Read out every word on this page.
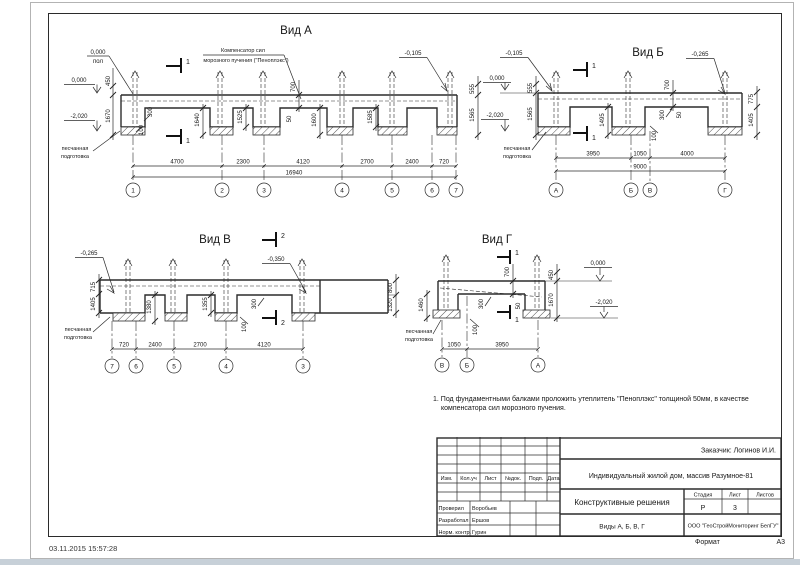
Вид А
1	2	3	4	5	6	7
4700	2300	4120	2700	2400	720
16940
0,000
пол
0,000
-2,020
450
1670	300
100
1640	1525
700
50	1600	1585
-0,105
555
1565
1
1
Компенсатор сил
морозного пучения ("Пеноплэкс")
песчанная
подготовка
Вид Б
А	Б В	Г
3950	1050	4000
9000
-0,105
0,000
-2,020
555
1565
700
1495	300 50
100
-0,265
775
1405
1
1
песчанная
подготовка
Вид В
7	6	5	4	3
720	2400	2700	4120
-0,265
715
1405	1380	1355	300
100
-0,350
800
1320
2
2
песчанная
подготовка
Вид Г
В	Б	А
1050	3950
0,000
-2,020
450
1670
700
50
300
100
1460
1
1
песчанная
подготовка
1. Под фундаментными балками проложить утеплитель "Пеноплэкс" толщиной 50мм, в качестве
компенсатора сил морозного пучения.
Изм. Кол.уч Лист №док. Подп. Дата
Проверил Воробьев
Разработал Ершов
Норм. контр. Гурин
Заказчик: Логинов И.И.
Индивидуальный жилой дом, массив Разумное-81
Конструктивные решения
Стадия	Лист	Листов
Р	3
Виды А, Б, В, Г	ООО "ГеоСтройМониторинг БелГУ"
Формат	А3
03.11.2015 15:57:28
